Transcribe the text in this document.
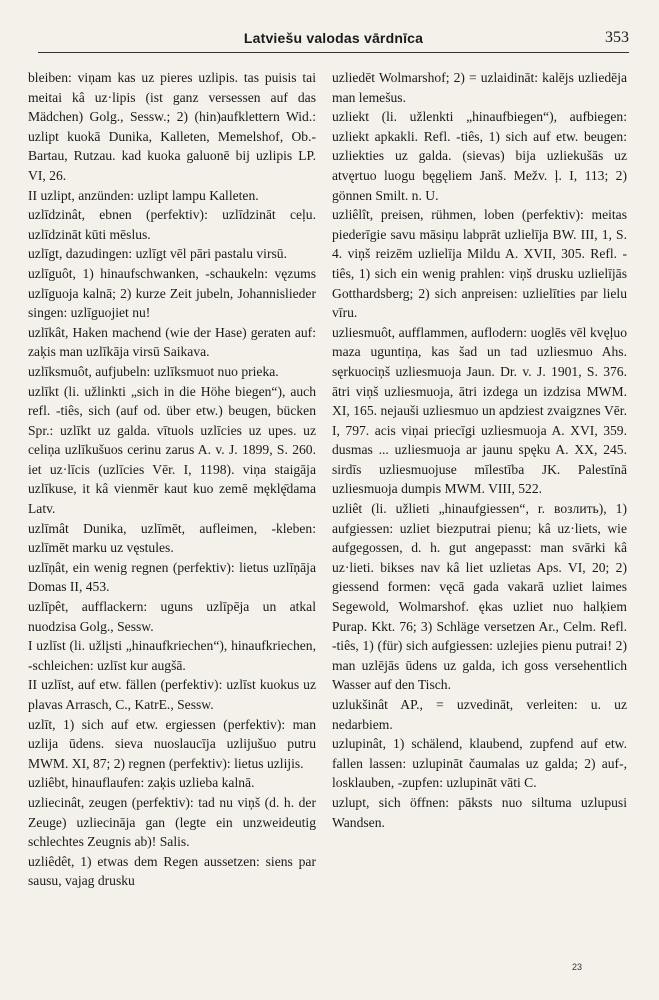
Latviešu valodas vārdnīca	353

bleiben: viņam kas uz pieres uzlipis. tas puisis tai meitai kâ uz·lipis (ist ganz versessen auf das Mädchen) Golg., Sessw.; 2) (hin)aufklettern Wid.: uzlipt kuokā Dunika, Kalleten, Memelshof, Ob.-Bartau, Rutzau. kad kuoka galuonē bij uzlipis LP. VI, 26.

II uzlipt, anzünden: uzlipt lampu Kalleten.

uzlīdzinât, ebnen (perfektiv): uzlīdzināt ceļu. uzlīdzināt kūti mēslus.

uzlīgt, dazudingen: uzlīgt vēl pāri pastalu virsū.

uzlīguôt, 1) hinaufschwanken, -schaukeln: vęzums uzlīguoja kalnā; 2) kurze Zeit jubeln, Johannislieder singen: uzlīguojiet nu!

uzlīkât, Haken machend (wie der Hase) geraten auf: zaķis man uzlīkāja virsū Saikava.

uzlīksmuôt, aufjubeln: uzlīksmuot nuo prieka.

uzlīkt (li. užlinkti „sich in die Höhe biegen“), auch refl. -tiês, sich (auf od. über etw.) beugen, bücken Spr.: uzlīkt uz galda. vītuols uzlīcies uz upes. uz celiņa uzlīkušuos cerinu zarus A. v. J. 1899, S. 260. iet uz·līcis (uzlīcies Vēr. I, 1198). viņa staigāja uzlīkuse, it kâ vienmēr kaut kuo zemē męklę̄dama Latv.

uzlīmât Dunika, uzlīmēt, aufleimen, -kleben: uzlīmēt marku uz vęstules.

uzlīņât, ein wenig regnen (perfektiv): lietus uzlīņāja Domas II, 453.

uzlīpêt, aufflackern: uguns uzlīpēja un atkal nuodzisa Golg., Sessw.

I uzlīst (li. užlįsti „hinaufkriechen“), hinaufkriechen, -schleichen: uzlīst kur augšā.

II uzlīst, auf etw. fällen (perfektiv): uzlīst kuokus uz plavas Arrasch, C., KatrE., Sessw.

uzlīt, 1) sich auf etw. ergiessen (perfektiv): man uzlija ūdens. sieva nuoslaucīja uzlijušuo putru MWM. XI, 87; 2) regnen (perfektiv): lietus uzlijis.

uzliêbt, hinauflaufen: zaķis uzlieba kalnā.

uzliecinât, zeugen (perfektiv): tad nu viņš (d. h. der Zeuge) uzliecināja gan (legte ein unzweideutig schlechtes Zeugnis ab)! Salis.

uzliêdêt, 1) etwas dem Regen aussetzen: siens par sausu, vajag drusku

uzliedēt Wolmarshof; 2) = uzlaidināt: kalējs uzliedēja man lemešus.

uzliekt (li. užlenkti „hinaufbiegen“), aufbiegen: uzliekt apkakli. Refl. -tiês, 1) sich auf etw. beugen: uzliekties uz galda. (sievas) bija uzliekušās uz atvęrtuo luogu bęgęliem Janš. Mežv. ļ. I, 113; 2) gönnen Smilt. n. U.

uzliêlît, preisen, rühmen, loben (perfektiv): meitas piederīgie savu māsiņu labprāt uzlielīja BW. III, 1, S. 4. viņš reizēm uzlielīja Mildu A. XVII, 305. Refl. -tiês, 1) sich ein wenig prahlen: viņš drusku uzlielījās Gotthardsberg; 2) sich anpreisen: uzlielīties par lielu vīru.

uzliesmuôt, aufflammen, auflodern: uoglēs vēl kvęļuo maza uguntiņa, kas šad un tad uzliesmuo Ahs. sęrkuociņš uzliesmuoja Jaun. Dr. v. J. 1901, S. 376. ātri viņš uzliesmuoja, ātri izdega un izdzisa MWM. XI, 165. nejauši uzliesmuo un apdziest zvaigznes Vēr. I, 797. acis viņai priecīgi uzliesmuoja A. XVI, 359. dusmas ... uzliesmuoja ar jaunu spęku A. XX, 245. sirdīs uzliesmuojuse mīlestība JK. Palestīnā uzliesmuoja dumpis MWM. VIII, 522.

uzliêt (li. užlieti „hinaufgiessen“, r. возлить), 1) aufgiessen: uzliet biezputrai pienu; kâ uz·liets, wie aufgegossen, d. h. gut angepasst: man svārki kâ uz·lieti. bikses nav kâ liet uzlietas Aps. VI, 20; 2) giessend formen: vęcā gada vakarā uzliet laimes Segewold, Wolmarshof. ękas uzliet nuo halķiem Purap. Kkt. 76; 3) Schläge versetzen Ar., Celm. Refl. -tiês, 1) (für) sich aufgiessen: uzlejies pienu putrai! 2) man uzlējās ūdens uz galda, ich goss versehentlich Wasser auf den Tisch.

uzlukšinât AP., = uzvedināt, verleiten: u. uz nedarbiem.

uzlupinât, 1) schälend, klaubend, zupfend auf etw. fallen lassen: uzlupināt čaumalas uz galda; 2) auf-, losklauben, -zupfen: uzlupināt vāti C.

uzlupt, sich öffnen: pāksts nuo siltuma uzlupusi Wandsen.

23
